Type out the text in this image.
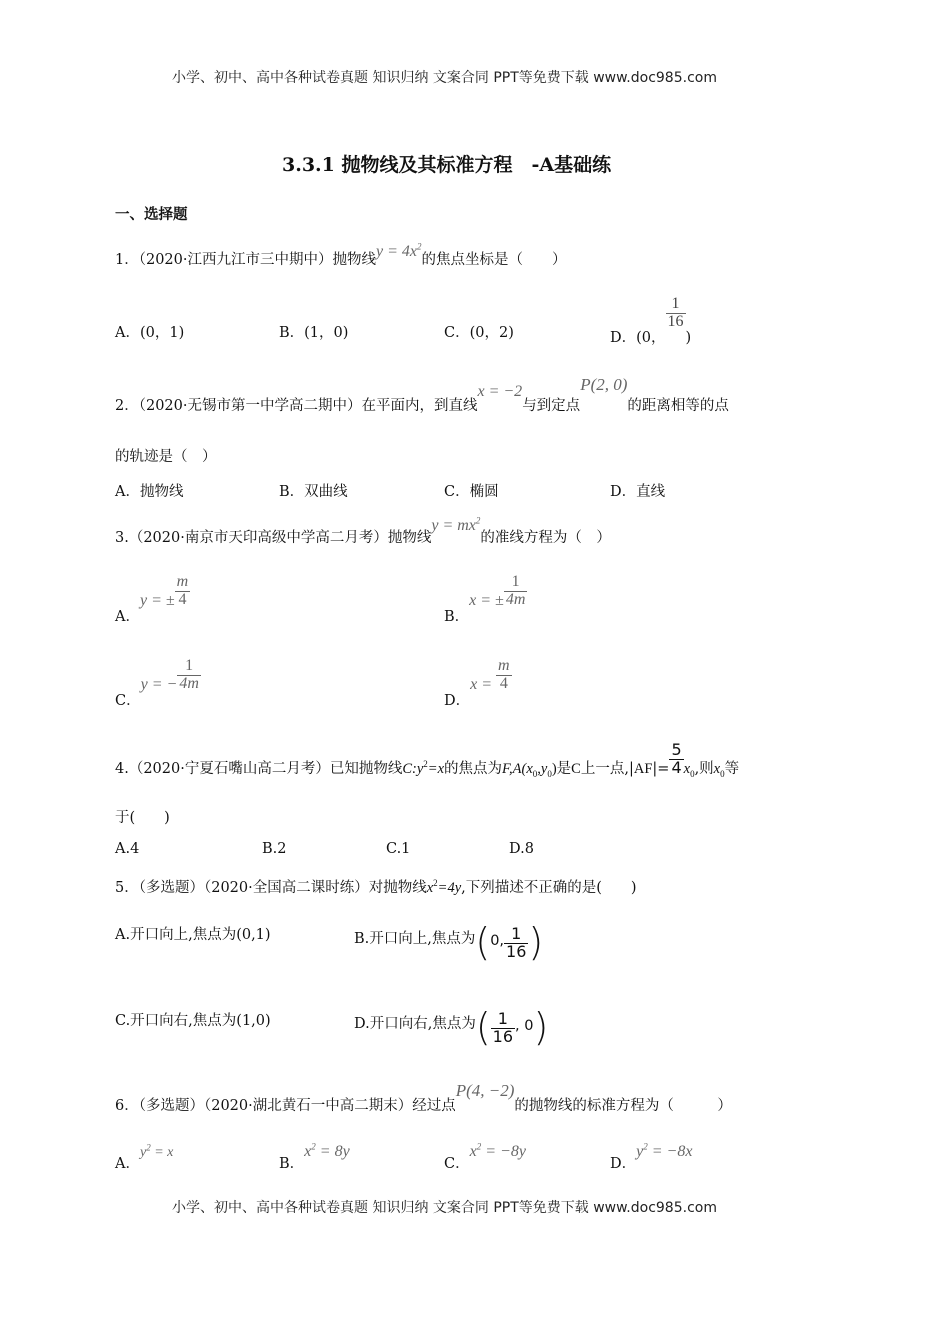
小学、初中、高中各种试卷真题 知识归纳 文案合同 PPT等免费下载 www.doc985.com
3.3.1 抛物线及其标准方程　-A基础练
一、选择题
1．（2020·江西九江市三中期中）抛物线$y = 4x^2$的焦点坐标是（　　）
A．(0，1)	B．(1，0)	C．(0，2)	D．(0，
$\frac{1}{16}$
)
2．（2020·无锡市第一中学高二期中）在平面内，到直线x = −2与到定点P(2, 0)的距离相等的点
的轨迹是（　）
A．抛物线	B．双曲线	C．椭圆	D．直线
3.（2020·南京市天印高级中学高二月考）抛物线$y = mx^2$的准线方程为（　）
A．y = ± $\frac{m}{4}$
B．x = ± $\frac{1}{4m}$
C．y = − $\frac{1}{4m}$
D．$x = \frac{m}{4}$
4.（2020·宁夏石嘴山高二月考）已知抛物线$C:y^2=x$的焦点为$F,A(x_0,y_0)$是C上一点$,|AF|= \frac{5}{4} x_0$,则$x_0$等
于(　　)
A.4	B.2	C.1	D.8
5．（多选题）（2020·全国高二课时练）对抛物线$x^2=4y$,下列描述不正确的是(　　)
A.开口向上,焦点为(0,1)	B.开口向上,焦点为(0, $\frac{1}{16}$ )
C.开口向右,焦点为(1,0)	D.开口向右,焦点为( $\frac{1}{16}$ , 0)
6．（多选题）（2020·湖北黄石一中高二期末）经过点P(4, −2)的抛物线的标准方程为（　　　）
A．$y^2 = x$
B．$x^2 = 8y$
C．$x^2 = -8y$
D．$y^2 = -8x$
小学、初中、高中各种试卷真题 知识归纳 文案合同 PPT等免费下载 www.doc985.com
